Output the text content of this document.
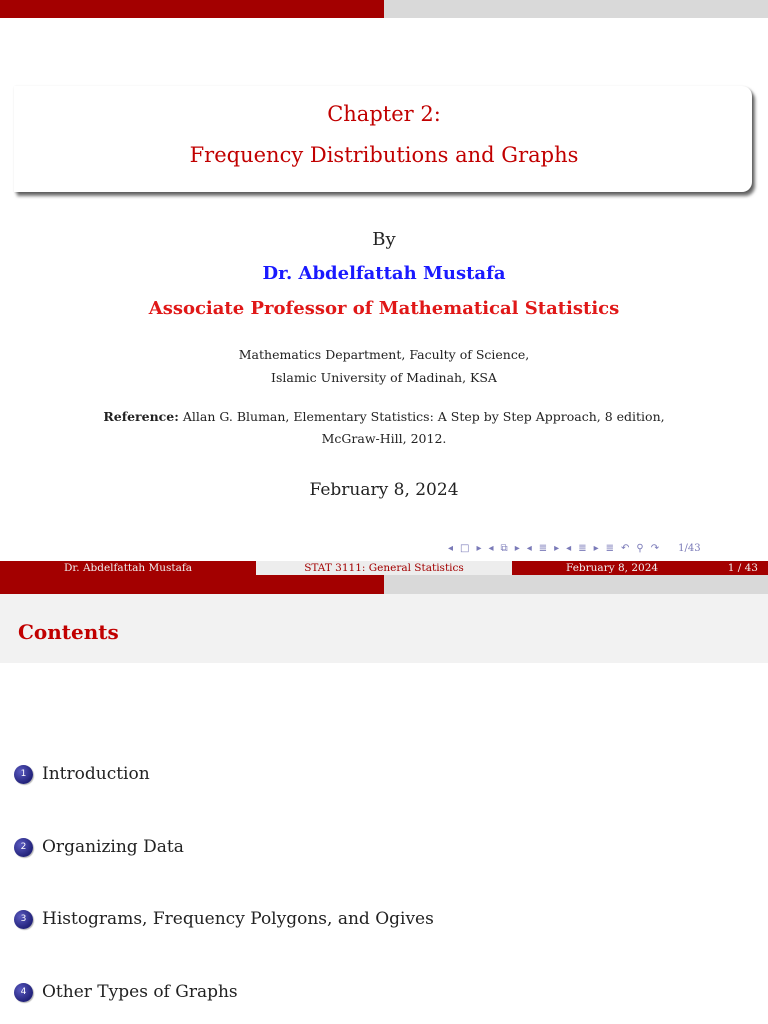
Chapter 2:
Frequency Distributions and Graphs
By
Dr. Abdelfattah Mustafa
Associate Professor of Mathematical Statistics
Mathematics Department, Faculty of Science,
Islamic University of Madinah, KSA
Reference: Allan G. Bluman, Elementary Statistics: A Step by Step Approach, 8 edition,
McGraw-Hill, 2012.
February 8, 2024
◂ □ ▸ ◂ ⧉ ▸ ◂ ≣ ▸ ◂ ≣ ▸ ≣ ↶ ⚲ ↷ 1/43
Dr. Abdelfattah Mustafa	STAT 3111: General Statistics	February 8, 2024	1 / 43
Contents
1 Introduction
2 Organizing Data
3 Histograms, Frequency Polygons, and Ogives
4 Other Types of Graphs
